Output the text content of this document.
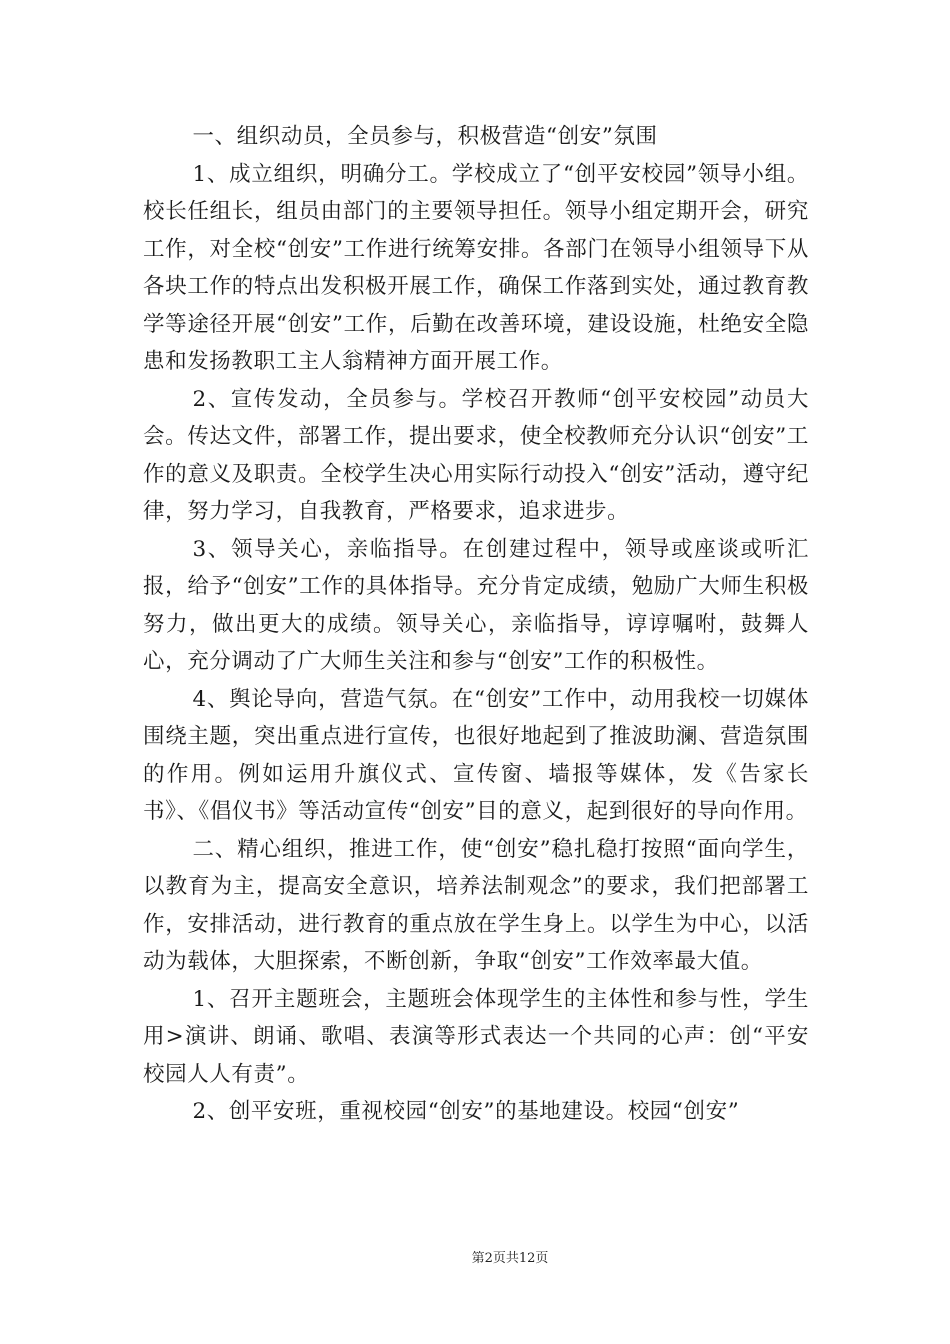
一、组织动员，全员参与，积极营造“创安”氛围

1、成立组织，明确分工。学校成立了“创平安校园”领导小组。校长任组长，组员由部门的主要领导担任。领导小组定期开会，研究工作，对全校“创安”工作进行统筹安排。各部门在领导小组领导下从各块工作的特点出发积极开展工作，确保工作落到实处，通过教育教学等途径开展“创安”工作，后勤在改善环境，建设设施，杜绝安全隐患和发扬教职工主人翁精神方面开展工作。

2、宣传发动，全员参与。学校召开教师“创平安校园”动员大会。传达文件，部署工作，提出要求，使全校教师充分认识“创安”工作的意义及职责。全校学生决心用实际行动投入“创安”活动，遵守纪律，努力学习，自我教育，严格要求，追求进步。

3、领导关心，亲临指导。在创建过程中，领导或座谈或听汇报，给予“创安”工作的具体指导。充分肯定成绩，勉励广大师生积极努力，做出更大的成绩。领导关心，亲临指导，谆谆嘱咐，鼓舞人心，充分调动了广大师生关注和参与“创安”工作的积极性。

4、舆论导向，营造气氛。在“创安”工作中，动用我校一切媒体围绕主题，突出重点进行宣传，也很好地起到了推波助澜、营造氛围的作用。例如运用升旗仪式、宣传窗、墙报等媒体，发《告家长书》、《倡仪书》等活动宣传“创安”目的意义，起到很好的导向作用。

二、精心组织，推进工作，使“创安”稳扎稳打按照“面向学生，以教育为主，提高安全意识，培养法制观念”的要求，我们把部署工作，安排活动，进行教育的重点放在学生身上。以学生为中心，以活动为载体，大胆探索，不断创新，争取“创安”工作效率最大值。

1、召开主题班会，主题班会体现学生的主体性和参与性，学生用>演讲、朗诵、歌唱、表演等形式表达一个共同的心声：创“平安校园人人有责”。

2、创平安班，重视校园“创安”的基地建设。校园“创安”

第2页共12页
